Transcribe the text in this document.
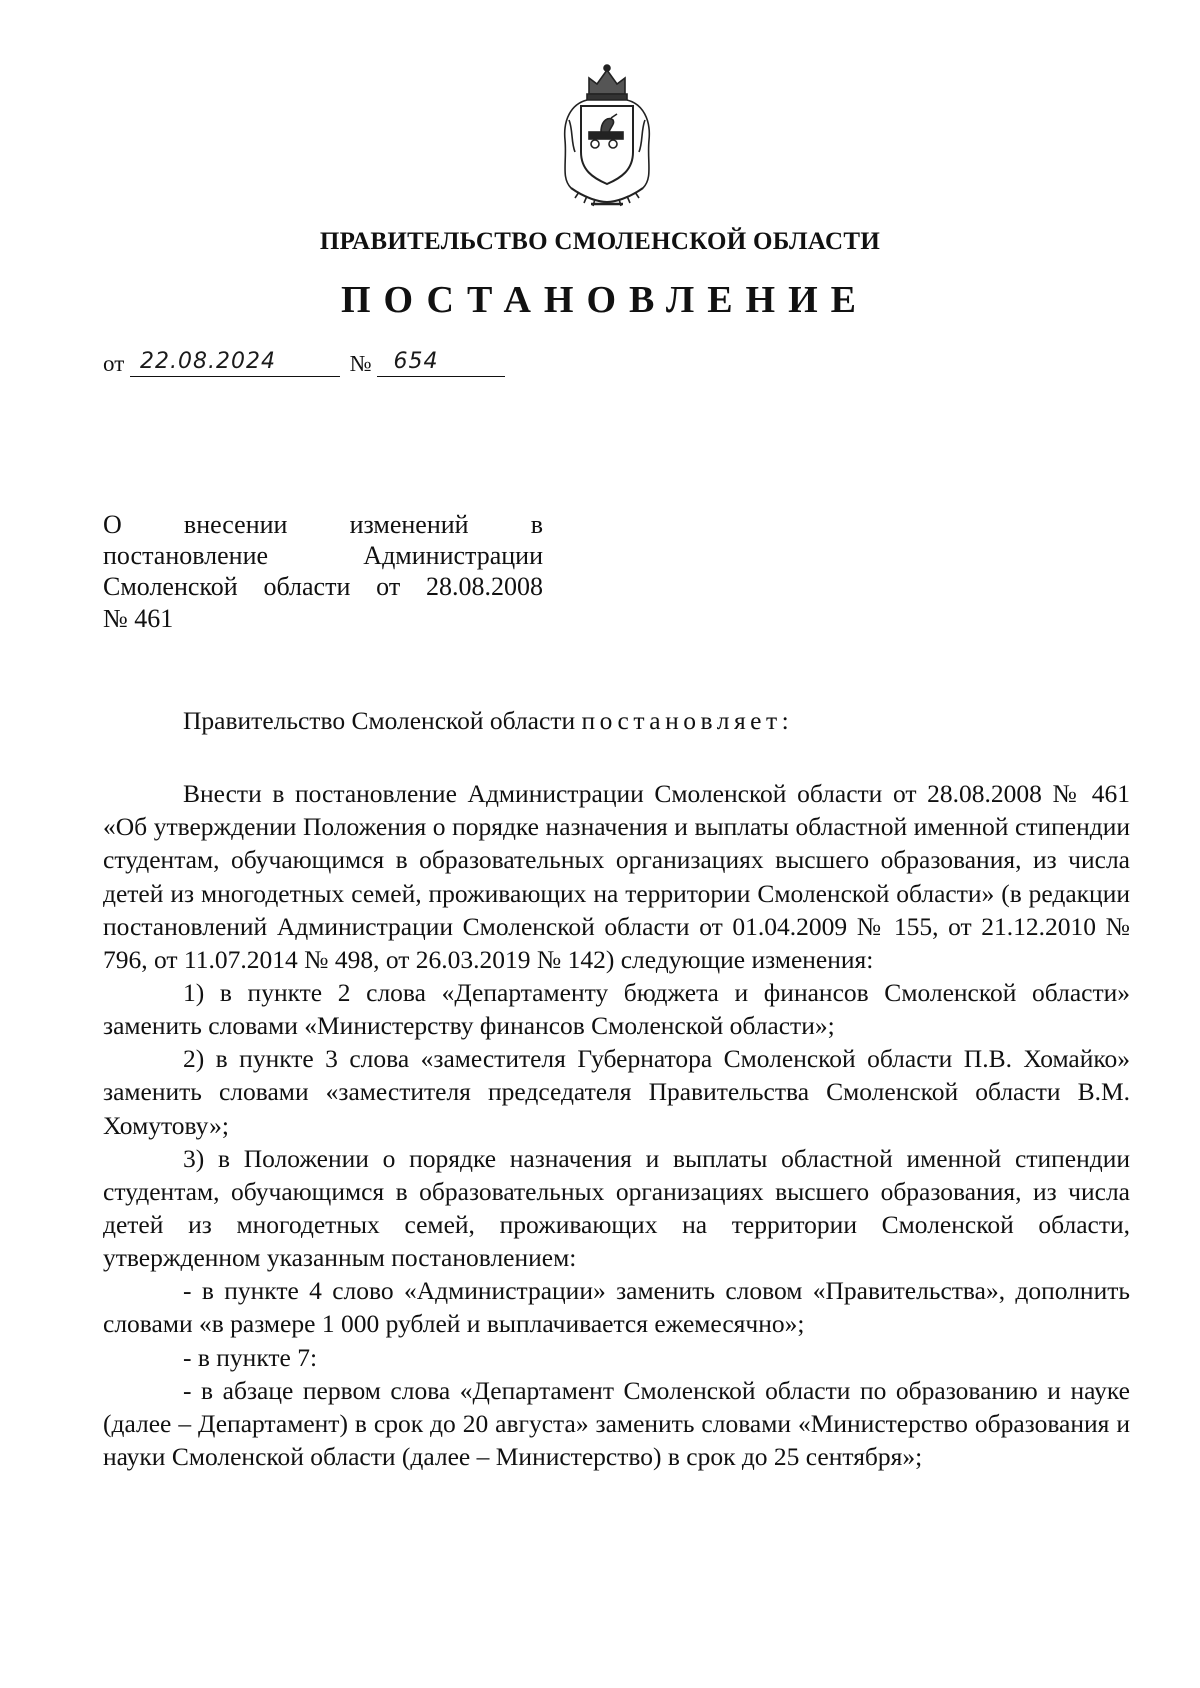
ПРАВИТЕЛЬСТВО СМОЛЕНСКОЙ ОБЛАСТИ
ПОСТАНОВЛЕНИЕ
от 22.08.2024	№ 654
О внесении изменений в
постановление Администрации
Смоленской области от 28.08.2008
№ 461

Правительство Смоленской области постановляет:

Внести в постановление Администрации Смоленской области от 28.08.2008 № 461 «Об утверждении Положения о порядке назначения и выплаты областной именной стипендии студентам, обучающимся в образовательных организациях высшего образования, из числа детей из многодетных семей, проживающих на территории Смоленской области» (в редакции постановлений Администрации Смоленской области от 01.04.2009 № 155, от 21.12.2010 № 796, от 11.07.2014 № 498, от 26.03.2019 № 142) следующие изменения:

1) в пункте 2 слова «Департаменту бюджета и финансов Смоленской области» заменить словами «Министерству финансов Смоленской области»;

2) в пункте 3 слова «заместителя Губернатора Смоленской области П.В. Хомайко» заменить словами «заместителя председателя Правительства Смоленской области В.М. Хомутову»;

3) в Положении о порядке назначения и выплаты областной именной стипендии студентам, обучающимся в образовательных организациях высшего образования, из числа детей из многодетных семей, проживающих на территории Смоленской области, утвержденном указанным постановлением:

- в пункте 4 слово «Администрации» заменить словом «Правительства», дополнить словами «в размере 1 000 рублей и выплачивается ежемесячно»;

- в пункте 7:

- в абзаце первом слова «Департамент Смоленской области по образованию и науке (далее – Департамент) в срок до 20 августа» заменить словами «Министерство образования и науки Смоленской области (далее – Министерство) в срок до 25 сентября»;
